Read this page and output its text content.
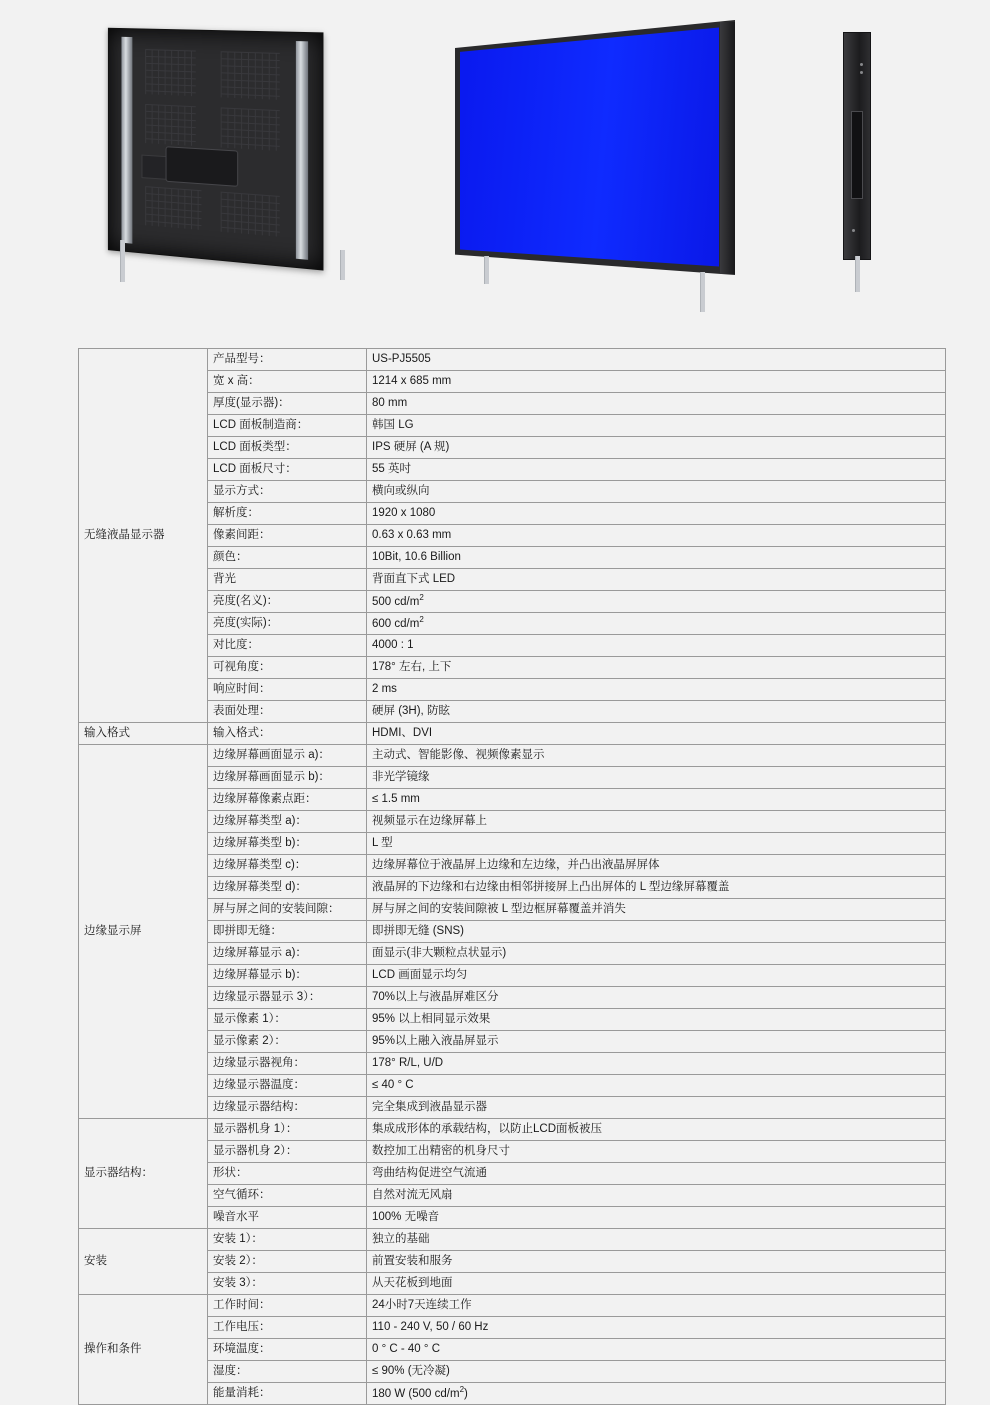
无缝液晶显示器	产品型号：	US-PJ5505
	宽 x 高：	1214 x 685 mm
	厚度(显示器)：	80 mm
	LCD 面板制造商：	韩国 LG
	LCD 面板类型：	IPS 硬屏 (A 规)
	LCD 面板尺寸：	55 英吋
	显示方式：	横向或纵向
	解析度：	1920 x 1080
	像素间距：	0.63 x 0.63 mm
	颜色：	10Bit, 10.6 Billion
	背光	背面直下式 LED
	亮度(名义)：	500 $cd/m^2$
	亮度(实际)：	600 $cd/m^2$
	对比度：	4000 : 1
	可视角度：	178° 左右, 上下
	响应时间：	2 ms
	表面处理：	硬屏 (3H), 防眩
输入格式	输入格式：	HDMI、DVI
边缘显示屏	边缘屏幕画面显示 a)：	主动式、智能影像、视频像素显示
	边缘屏幕画面显示 b)：	非光学镜缘
	边缘屏幕像素点距：	≤ 1.5 mm
	边缘屏幕类型 a)：	视频显示在边缘屏幕上
	边缘屏幕类型 b)：	L 型
	边缘屏幕类型 c)：	边缘屏幕位于液晶屏上边缘和左边缘，并凸出液晶屏屏体
	边缘屏幕类型 d)：	液晶屏的下边缘和右边缘由相邻拼接屏上凸出屏体的 L 型边缘屏幕覆盖
	屏与屏之间的安装间隙：	屏与屏之间的安装间隙被 L 型边框屏幕覆盖并消失
	即拼即无缝：	即拼即无缝 (SNS)
	边缘屏幕显示 a)：	面显示(非大颗粒点状显示)
	边缘屏幕显示 b)：	LCD 画面显示均匀
	边缘显示器显示 3）：	70%以上与液晶屏难区分
	显示像素 1）：	95% 以上相同显示效果
	显示像素 2）：	95%以上融入液晶屏显示
	边缘显示器视角：	178° R/L, U/D
	边缘显示器温度：	≤ 40 ° C
	边缘显示器结构：	完全集成到液晶显示器
显示器结构：	显示器机身 1）：	集成成形体的承载结构，以防止LCD面板被压
	显示器机身 2）：	数控加工出精密的机身尺寸
	形状：	弯曲结构促进空气流通
	空气循环：	自然对流无风扇
	噪音水平	100% 无噪音
安装	安装 1）：	独立的基础
	安装 2）：	前置安装和服务
	安装 3）：	从天花板到地面
操作和条件	工作时间：	24小时7天连续工作
	工作电压：	110 - 240 V, 50 / 60 Hz
	环境温度：	0 ° C - 40 ° C
	湿度：	≤ 90% (无冷凝)
	能量消耗：	180 W (500 $cd/m^2$)
